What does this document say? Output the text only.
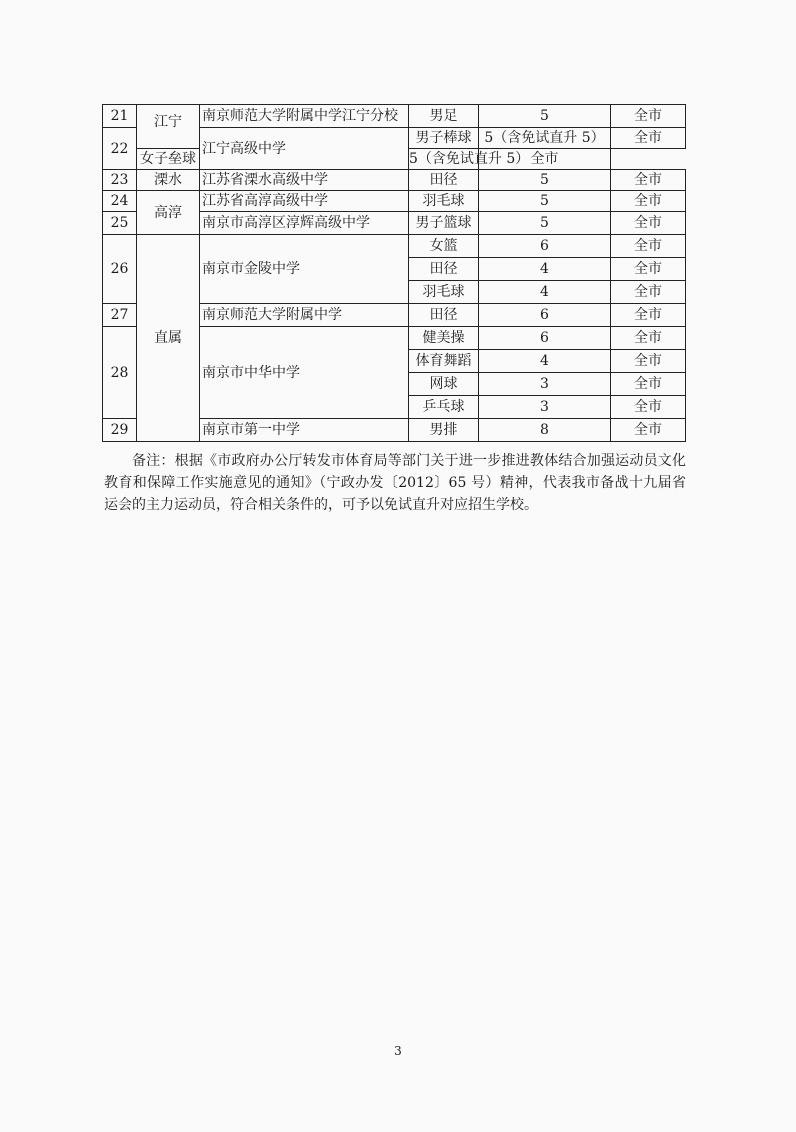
21	江宁	南京师范大学附属中学江宁分校	男足	5	全市
22		江宁高级中学	男子棒球	5（含免试直升 5）	全市
	女子垒球		5（含免试直升 5）	全市	
23	溧水	江苏省溧水高级中学	田径	5	全市
24	高淳	江苏省高淳高级中学	羽毛球	5	全市
25		南京市高淳区淳辉高级中学	男子篮球	5	全市
26	直属	南京市金陵中学	女篮	6	全市
			田径	4	全市
			羽毛球	4	全市
27		南京师范大学附属中学	田径	6	全市
28		南京市中华中学	健美操	6	全市
			体育舞蹈	4	全市
			网球	3	全市
			乒乓球	3	全市
29		南京市第一中学	男排	8	全市
备注：根据《市政府办公厅转发市体育局等部门关于进一步推进教体结合加强运动员文化教育和保障工作实施意见的通知》（宁政办发〔2012〕65 号）精神，代表我市备战十九届省运会的主力运动员，符合相关条件的，可予以免试直升对应招生学校。
3
